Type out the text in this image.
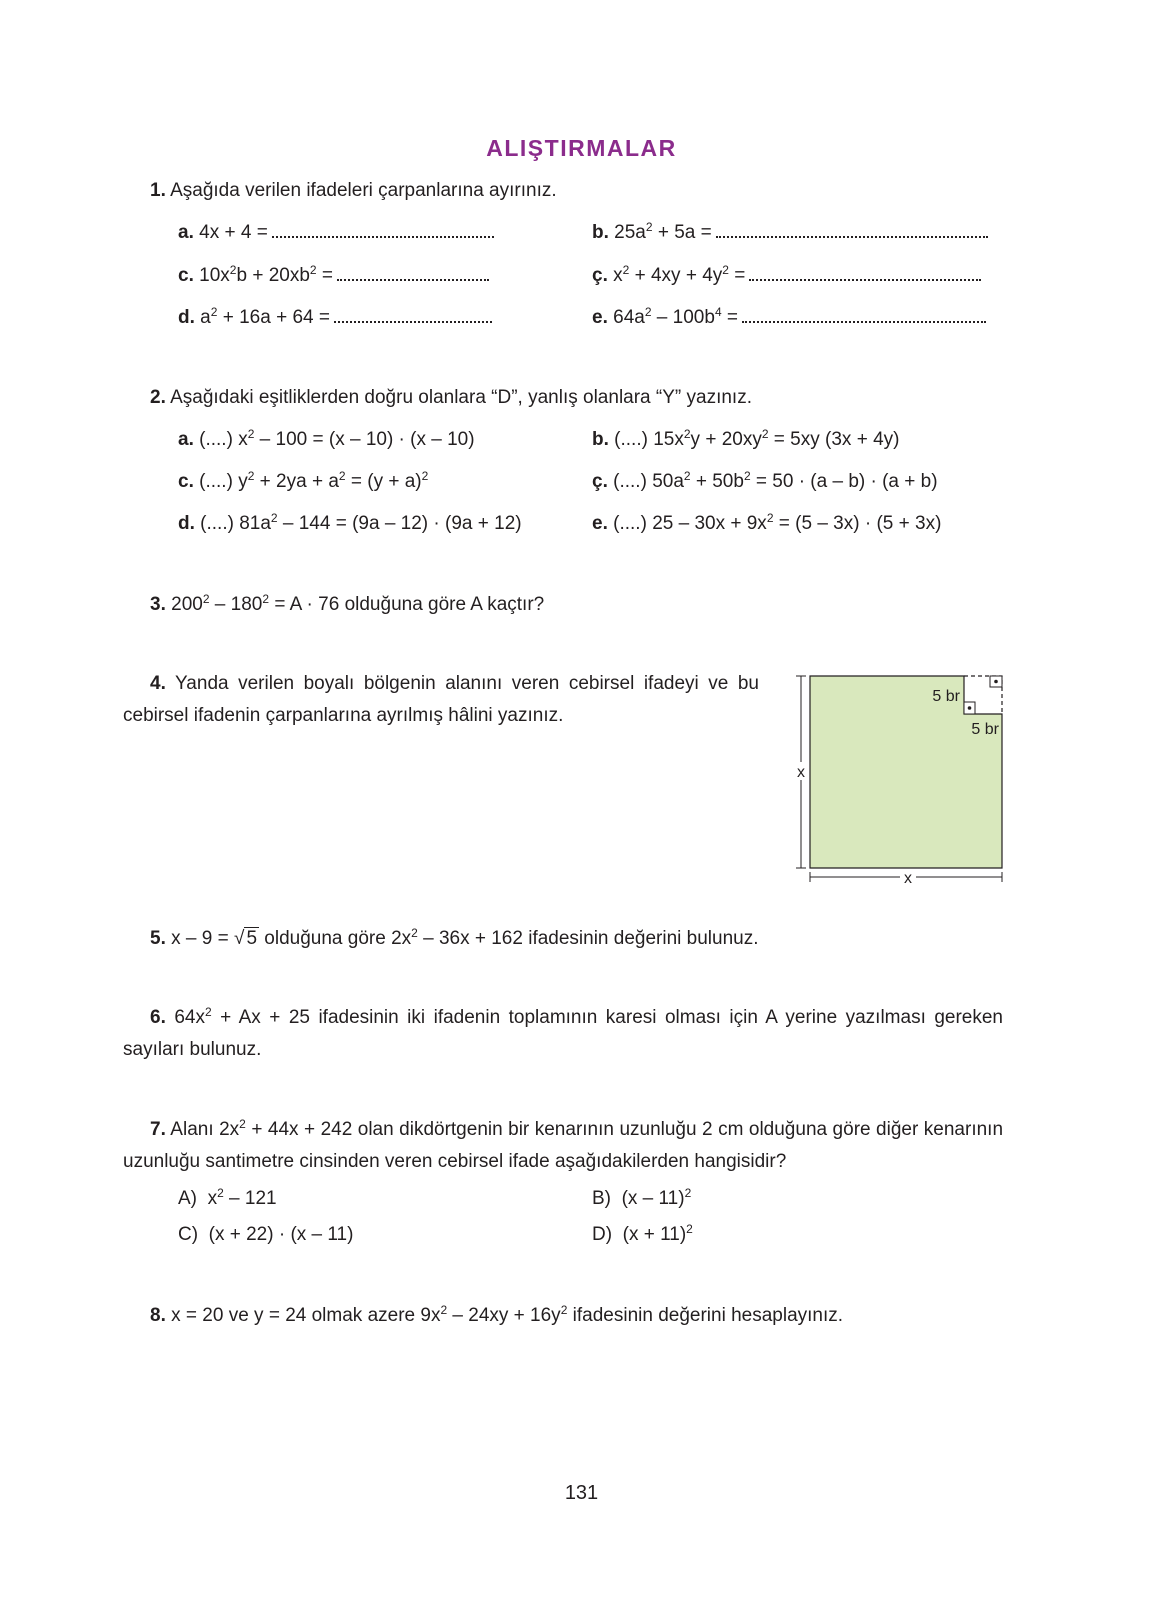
ALIŞTIRMALAR
1. Aşağıda verilen ifadeleri çarpanlarına ayırınız.
a. 4x + 4 =	b. $25a^2 + 5a$ =
c. $10x^2b + 20xb^2$ =	ç. $x^2 + 4xy + 4y^2$ =
d. $a^2 + 16a + 64$ =	e. $64a^2 - 100b^4$ =
2. Aşağıdaki eşitliklerden doğru olanlara “D”, yanlış olanlara “Y” yazınız.
a. (....) $x^2 - 100 = (x - 10) \cdot (x - 10)$	b. (....) $15x^2y + 20xy^2 = 5xy$ (3x + 4y)
c. (....) $y^2 + 2ya + a^2 = (y + a)^2$	ç. (....) $50a^2 + 50b^2 = 50 \cdot (a - b) \cdot (a + b)$
d. (....) $81a^2 - 144 = (9a - 12) \cdot (9a + 12)$	e. (....) $25 - 30x + 9x^2 = (5 - 3x) \cdot (5 + 3x)$
3. $200^2 - 180^2 = A \cdot 76$ olduğuna göre A kaçtır?
4. Yanda verilen boyalı bölgenin alanını veren cebirsel ifadeyi ve bu cebirsel ifadenin çarpanlarına ayrılmış hâlini yazınız.
x
x
5 br
5 br
5. x – 9 = √ 5 olduğuna göre $2x^2 - 36x + 162$ ifadesinin değerini bulunuz.
6. $64x^2 + Ax + 25$ ifadesinin iki ifadenin toplamının karesi olması için A yerine yazılması gereken sayıları bulunuz.
7. Alanı $2x^2 + 44x + 242$ olan dikdörtgenin bir kenarının uzunluğu 2 cm olduğuna göre diğer kenarının uzunluğu santimetre cinsinden veren cebirsel ifade aşağıdakilerden hangisidir?
A) $x^2 - 121$	B) (x – 11)$^2$
C) (x + 22) · (x – 11)	D) $(x + 11)^2$
8. x = 20 ve y = 24 olmak azere $9x^2 - 24xy + 16y^2$ ifadesinin değerini hesaplayınız.
131
